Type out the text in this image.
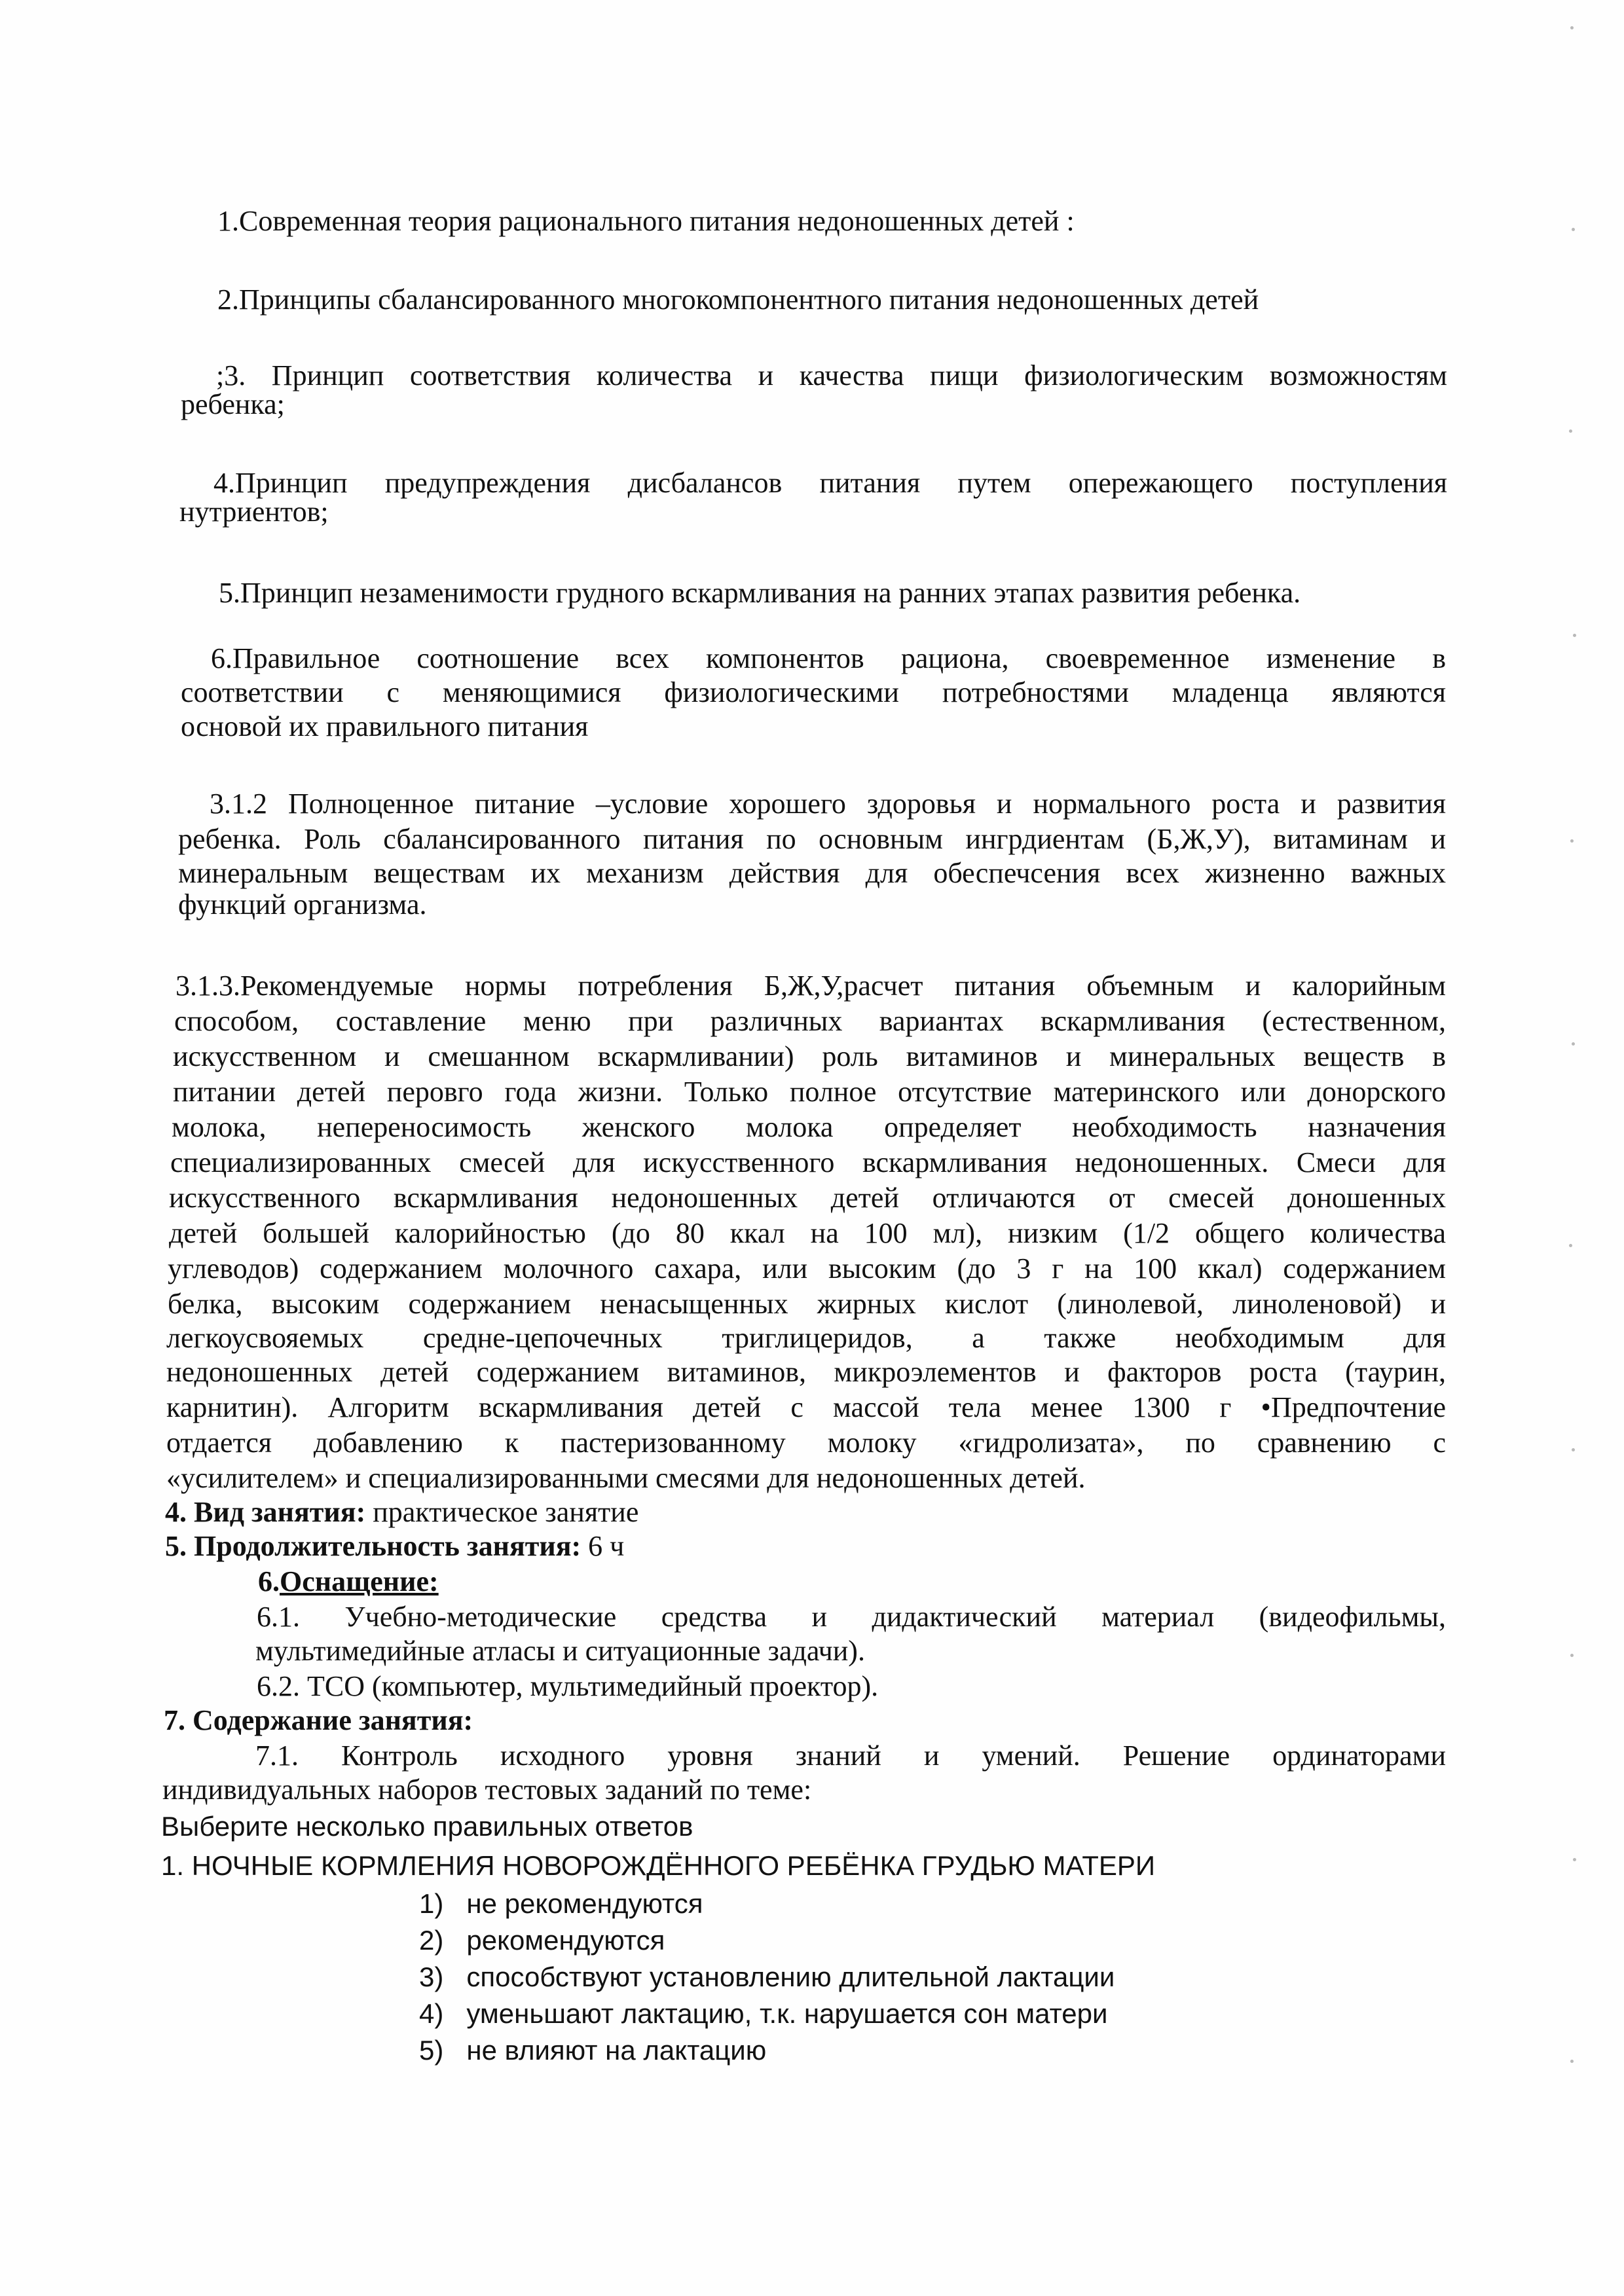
1.Современная теория рационального питания недоношенных детей :
2.Принципы сбалансированного многокомпонентного питания недоношенных детей
;3. Принцип соответствия количества и качества пищи физиологическим возможностям
ребенка;
4.Принцип предупреждения дисбалансов питания путем опережающего поступления
нутриентов;
5.Принцип незаменимости грудного вскармливания на ранних этапах развития ребенка.
6.Правильное соотношение всех компонентов рациона, своевременное изменение в
соответствии с меняющимися физиологическими потребностями младенца являются
основой их правильного питания
3.1.2 Полноценное питание –условие хорошего здоровья и нормального роста и развития
ребенка. Роль сбалансированного питания по основным ингрдиентам (Б,Ж,У), витаминам и
минеральным веществам их механизм действия для обеспечсения всех жизненно важных
функций организма.
3.1.3.Рекомендуемые нормы потребления Б,Ж,У,расчет питания объемным и калорийным
способом, составление меню при различных вариантах вскармливания (естественном,
искусственном и смешанном вскармливании) роль витаминов и минеральных веществ в
питании детей перовго года жизни. Только полное отсутствие материнского или донорского
молока, непереносимость женского молока определяет необходимость назначения
специализированных смесей для искусственного вскармливания недоношенных. Смеси для
искусственного вскармливания недоношенных детей отличаются от смесей доношенных
детей большей калорийностью (до 80 ккал на 100 мл), низким (1/2 общего количества
углеводов) содержанием молочного сахара, или высоким (до 3 г на 100 ккал) содержанием
белка, высоким содержанием ненасыщенных жирных кислот (линолевой, линоленовой) и
легкоусвояемых средне-цепочечных триглицеридов, а также необходимым для
недоношенных детей содержанием витаминов, микроэлементов и факторов роста (таурин,
карнитин). Алгоритм вскармливания детей с массой тела менее 1300 г •Предпочтение
отдается добавлению к пастеризованному молоку «гидролизата», по сравнению с
«усилителем» и специализированными смесями для недоношенных детей.
4. Вид занятия: практическое занятие
5. Продолжительность занятия: 6 ч
6.Оснащение:
6.1. Учебно-методические средства и дидактический материал (видеофильмы,
мультимедийные атласы и ситуационные задачи).
6.2. ТСО (компьютер, мультимедийный проектор).
7. Содержание занятия:
7.1. Контроль исходного уровня знаний и умений. Решение ординаторами
индивидуальных наборов тестовых заданий по теме:
Выберите несколько правильных ответов
1. НОЧНЫЕ КОРМЛЕНИЯ НОВОРОЖДЁННОГО РЕБЁНКА ГРУДЬЮ МАТЕРИ
1) не рекомендуются
2) рекомендуются
3) способствуют установлению длительной лактации
4) уменьшают лактацию, т.к. нарушается сон матери
5) не влияют на лактацию
